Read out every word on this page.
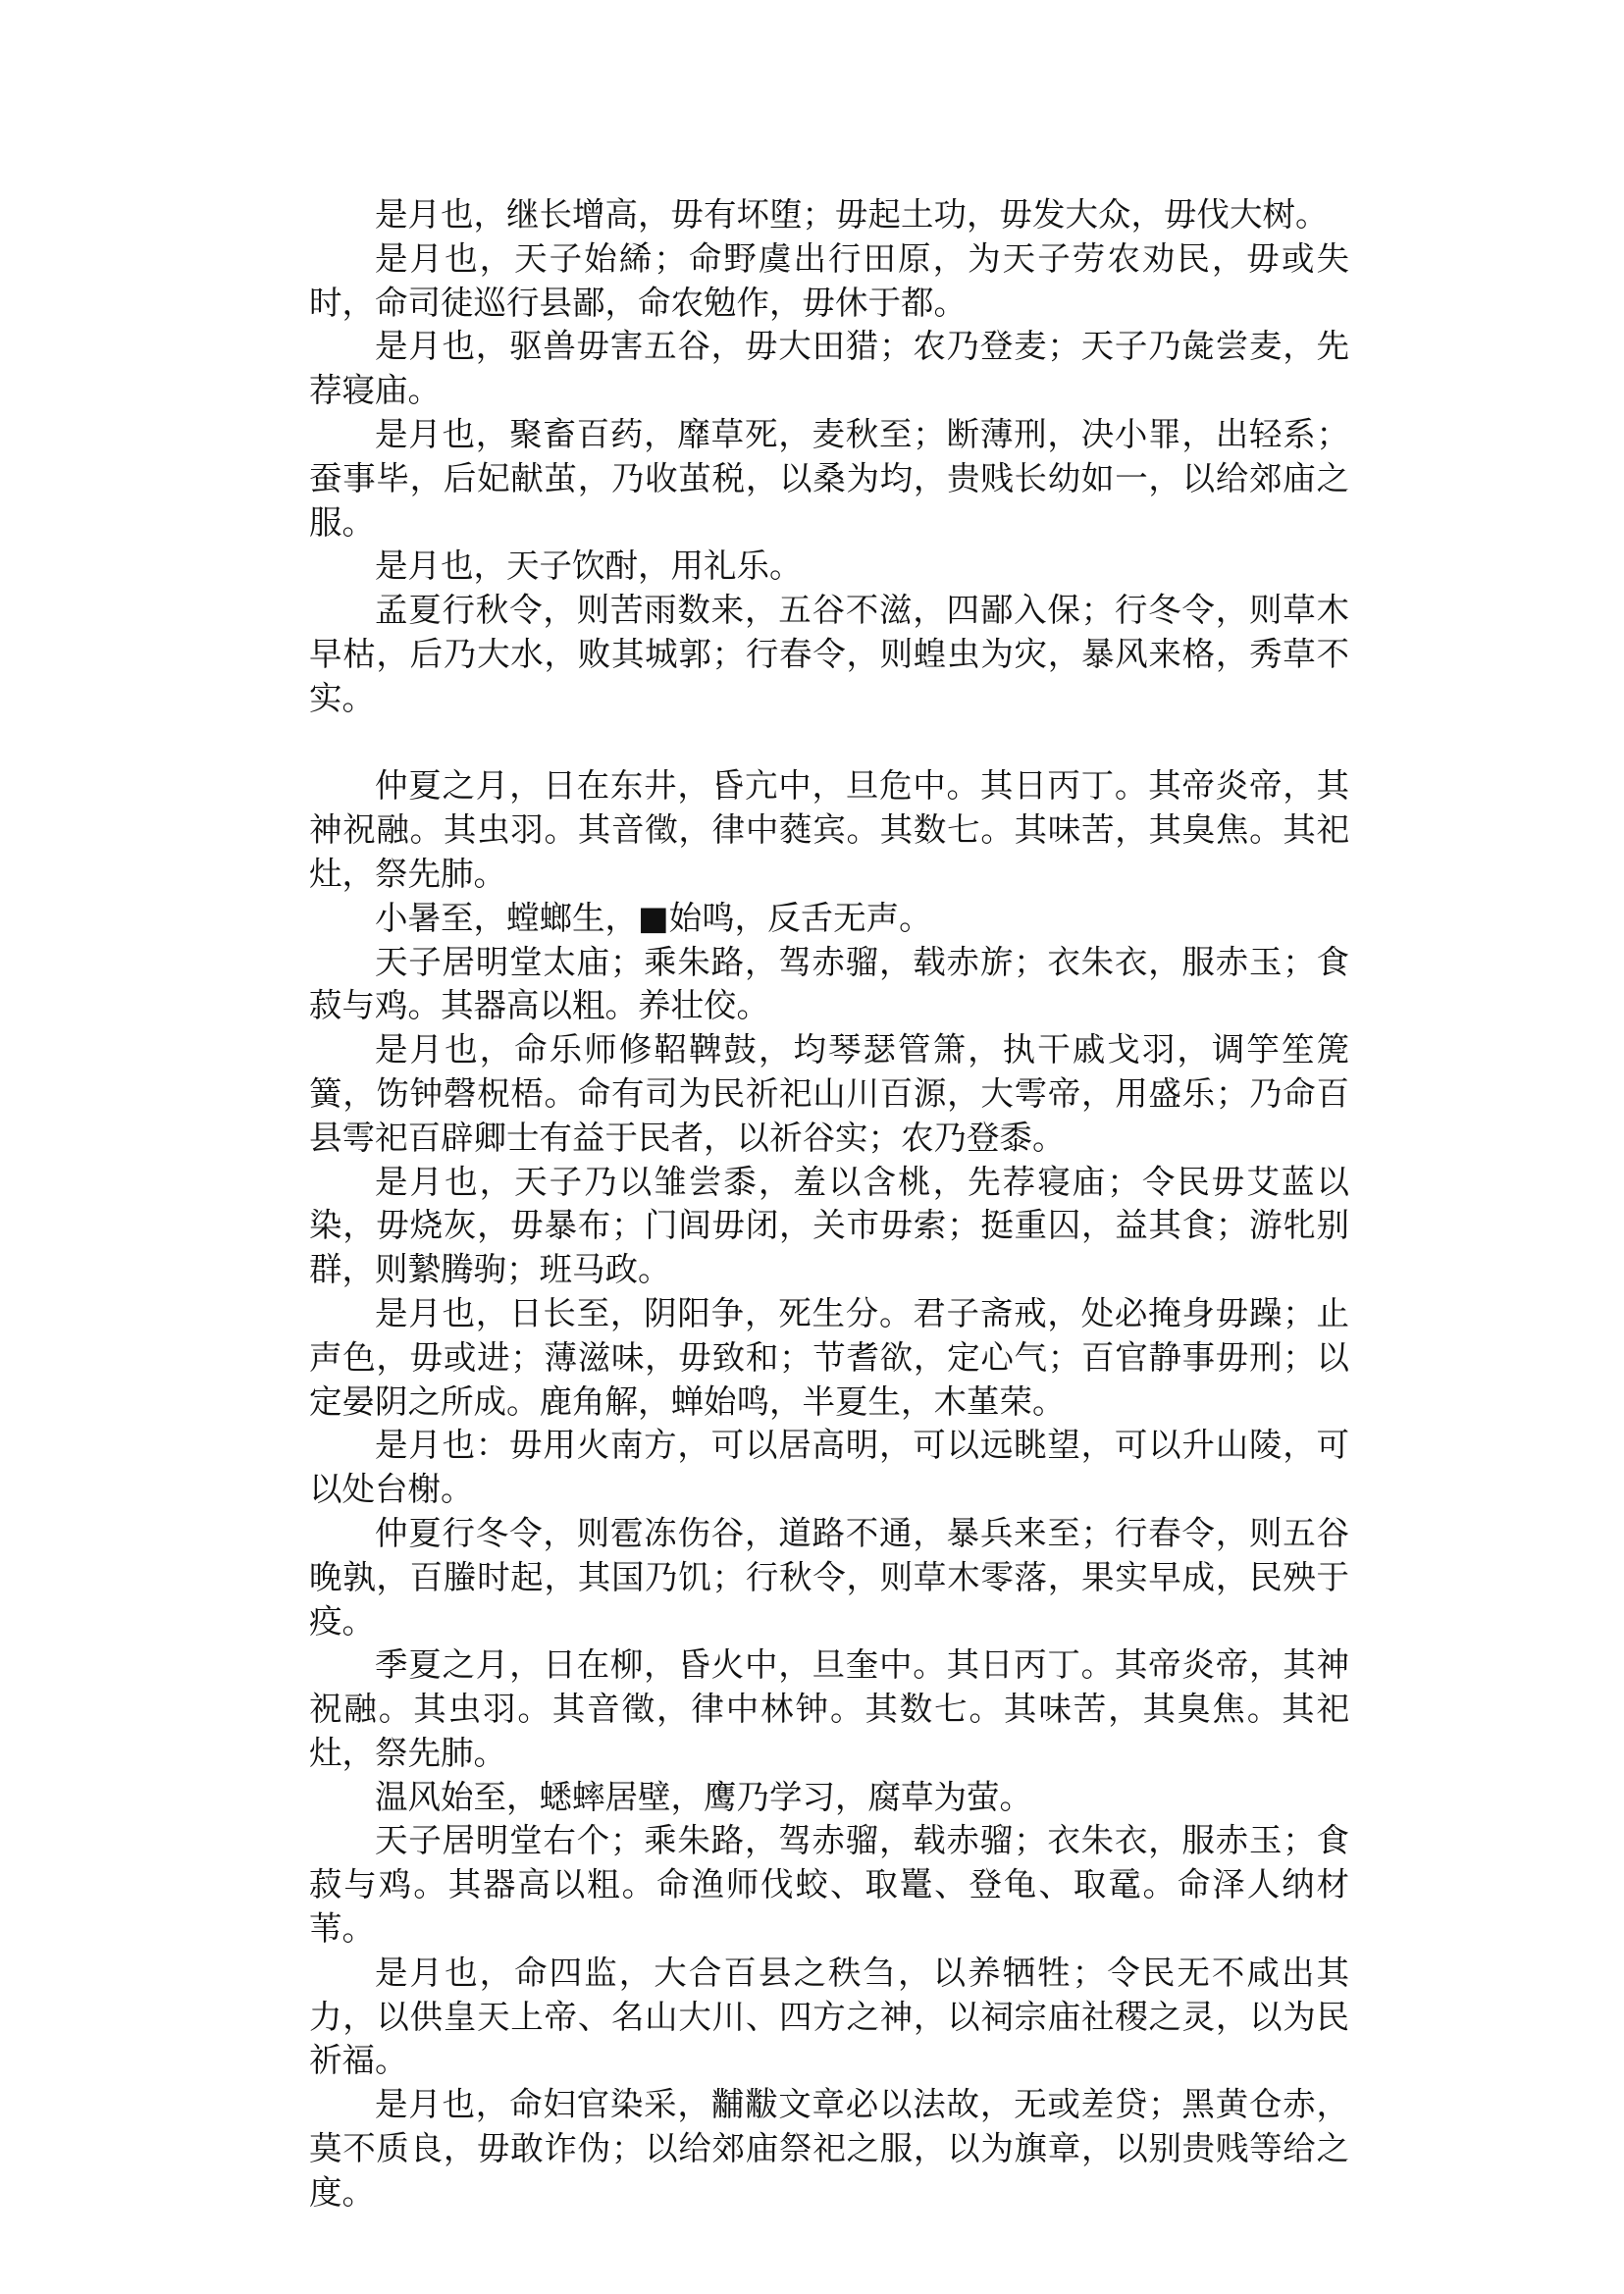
是月也，继长增高，毋有坏堕；毋起土功，毋发大众，毋伐大树。

是月也，天子始絺；命野虞出行田原，为天子劳农劝民，毋或失时，命司徒巡行县鄙，命农勉作，毋休于都。

是月也，驱兽毋害五谷，毋大田猎；农乃登麦；天子乃彘尝麦，先荐寝庙。

是月也，聚畜百药，靡草死，麦秋至；断薄刑，决小罪，出轻系；蚕事毕，后妃献茧，乃收茧税，以桑为均，贵贱长幼如一，以给郊庙之服。

是月也，天子饮酎，用礼乐。

孟夏行秋令，则苦雨数来，五谷不滋，四鄙入保；行冬令，则草木早枯，后乃大水，败其城郭；行春令，则蝗虫为灾，暴风来格，秀草不实。

仲夏之月，日在东井，昏亢中，旦危中。其日丙丁。其帝炎帝，其神祝融。其虫羽。其音徵，律中蕤宾。其数七。其味苦，其臭焦。其祀灶，祭先肺。

小暑至，螳螂生，■始鸣，反舌无声。

天子居明堂太庙；乘朱路，驾赤骝，载赤旂；衣朱衣，服赤玉；食菽与鸡。其器高以粗。养壮佼。

是月也，命乐师修鞀鞞鼓，均琴瑟管箫，执干戚戈羽，调竽笙箎簧，饬钟磬柷梧。命有司为民祈祀山川百源，大雩帝，用盛乐；乃命百县雩祀百辟卿士有益于民者，以祈谷实；农乃登黍。

是月也，天子乃以雏尝黍，羞以含桃，先荐寝庙；令民毋艾蓝以染，毋烧灰，毋暴布；门闾毋闭，关市毋索；挺重囚，益其食；游牝别群，则縶腾驹；班马政。

是月也，日长至，阴阳争，死生分。君子斋戒，处必掩身毋躁；止声色，毋或进；薄滋味，毋致和；节耆欲，定心气；百官静事毋刑；以定晏阴之所成。鹿角解，蝉始鸣，半夏生，木堇荣。

是月也：毋用火南方，可以居高明，可以远眺望，可以升山陵，可以处台榭。

仲夏行冬令，则雹冻伤谷，道路不通，暴兵来至；行春令，则五谷晚孰，百螣时起，其国乃饥；行秋令，则草木零落，果实早成，民殃于疫。

季夏之月，日在柳，昏火中，旦奎中。其日丙丁。其帝炎帝，其神祝融。其虫羽。其音徵，律中林钟。其数七。其味苦，其臭焦。其祀灶，祭先肺。

温风始至，蟋蟀居壁，鹰乃学习，腐草为萤。

天子居明堂右个；乘朱路，驾赤骝，载赤骝；衣朱衣，服赤玉；食菽与鸡。其器高以粗。命渔师伐蛟、取鼍、登龟、取鼋。命泽人纳材苇。

是月也，命四监，大合百县之秩刍，以养牺牲；令民无不咸出其力，以供皇天上帝、名山大川、四方之神，以祠宗庙社稷之灵，以为民祈福。

是月也，命妇官染采，黼黻文章必以法故，无或差贷；黑黄仓赤，莫不质良，毋敢诈伪；以给郊庙祭祀之服，以为旗章，以别贵贱等给之度。
